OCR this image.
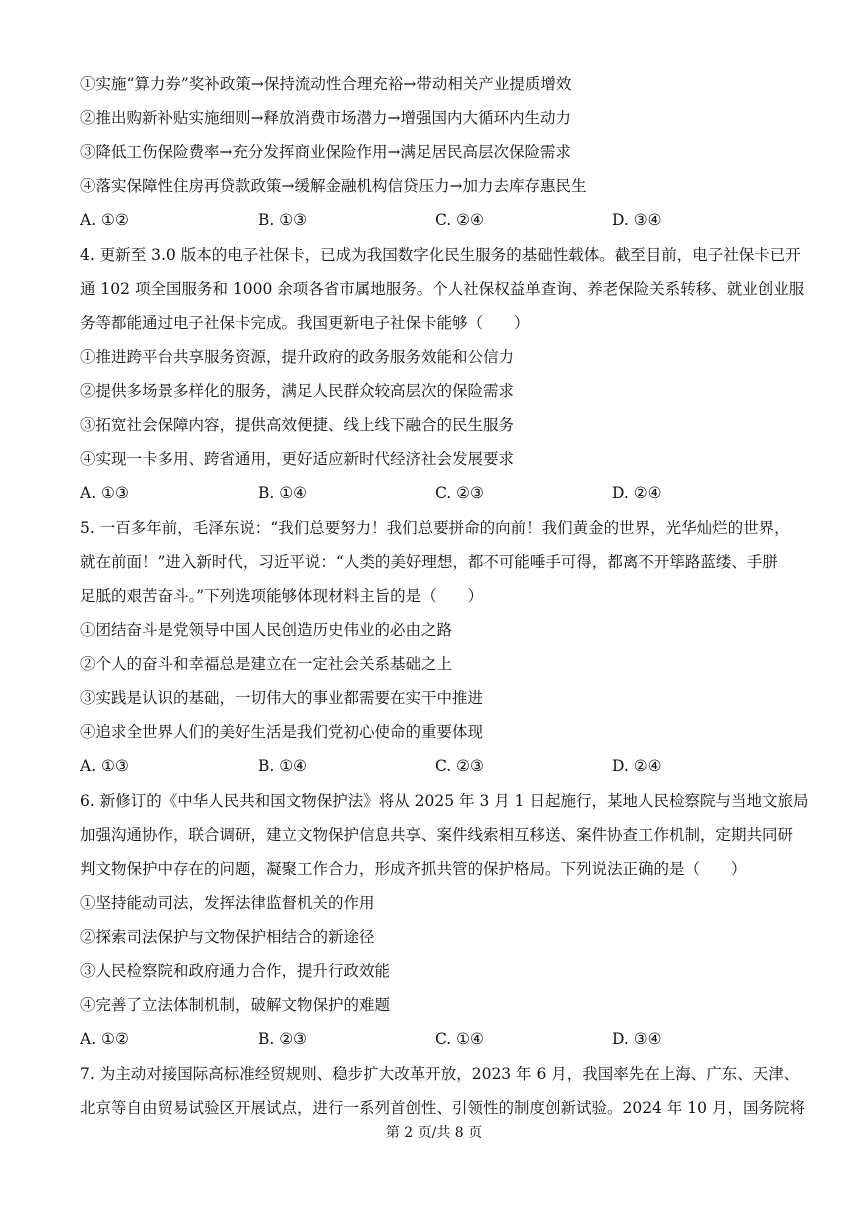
①实施“算力券”奖补政策→保持流动性合理充裕→带动相关产业提质增效
②推出购新补贴实施细则→释放消费市场潜力→增强国内大循环内生动力
③降低工伤保险费率→充分发挥商业保险作用→满足居民高层次保险需求
④落实保障性住房再贷款政策→缓解金融机构信贷压力→加力去库存惠民生
A. ①②	B. ①③	C. ②④	D. ③④
4. 更新至 3.0 版本的电子社保卡，已成为我国数字化民生服务的基础性载体。截至目前，电子社保卡已开
通 102 项全国服务和 1000 余项各省市属地服务。个人社保权益单查询、养老保险关系转移、就业创业服
务等都能通过电子社保卡完成。我国更新电子社保卡能够（　　）
①推进跨平台共享服务资源，提升政府的政务服务效能和公信力
②提供多场景多样化的服务，满足人民群众较高层次的保险需求
③拓宽社会保障内容，提供高效便捷、线上线下融合的民生服务
④实现一卡多用、跨省通用，更好适应新时代经济社会发展要求
A. ①③	B. ①④	C. ②③	D. ②④
5. 一百多年前，毛泽东说：“我们总要努力！我们总要拼命的向前！我们黄金的世界，光华灿烂的世界，
就在前面！”进入新时代，习近平说：“人类的美好理想，都不可能唾手可得，都离不开筚路蓝缕、手胼
足胝的艰苦奋斗。”下列选项能够体现材料主旨的是（　　）
①团结奋斗是党领导中国人民创造历史伟业的必由之路
②个人的奋斗和幸福总是建立在一定社会关系基础之上
③实践是认识的基础，一切伟大的事业都需要在实干中推进
④追求全世界人们的美好生活是我们党初心使命的重要体现
A. ①③	B. ①④	C. ②③	D. ②④
6. 新修订的《中华人民共和国文物保护法》将从 2025 年 3 月 1 日起施行，某地人民检察院与当地文旅局
加强沟通协作，联合调研，建立文物保护信息共享、案件线索相互移送、案件协查工作机制，定期共同研
判文物保护中存在的问题，凝聚工作合力，形成齐抓共管的保护格局。下列说法正确的是（　　）
①坚持能动司法，发挥法律监督机关的作用
②探索司法保护与文物保护相结合的新途径
③人民检察院和政府通力合作，提升行政效能
④完善了立法体制机制，破解文物保护的难题
A. ①②	B. ②③	C. ①④	D. ③④
7. 为主动对接国际高标准经贸规则、稳步扩大改革开放，2023 年 6 月，我国率先在上海、广东、天津、
北京等自由贸易试验区开展试点，进行一系列首创性、引领性的制度创新试验。2024 年 10 月，国务院将
第 2 页/共 8 页
